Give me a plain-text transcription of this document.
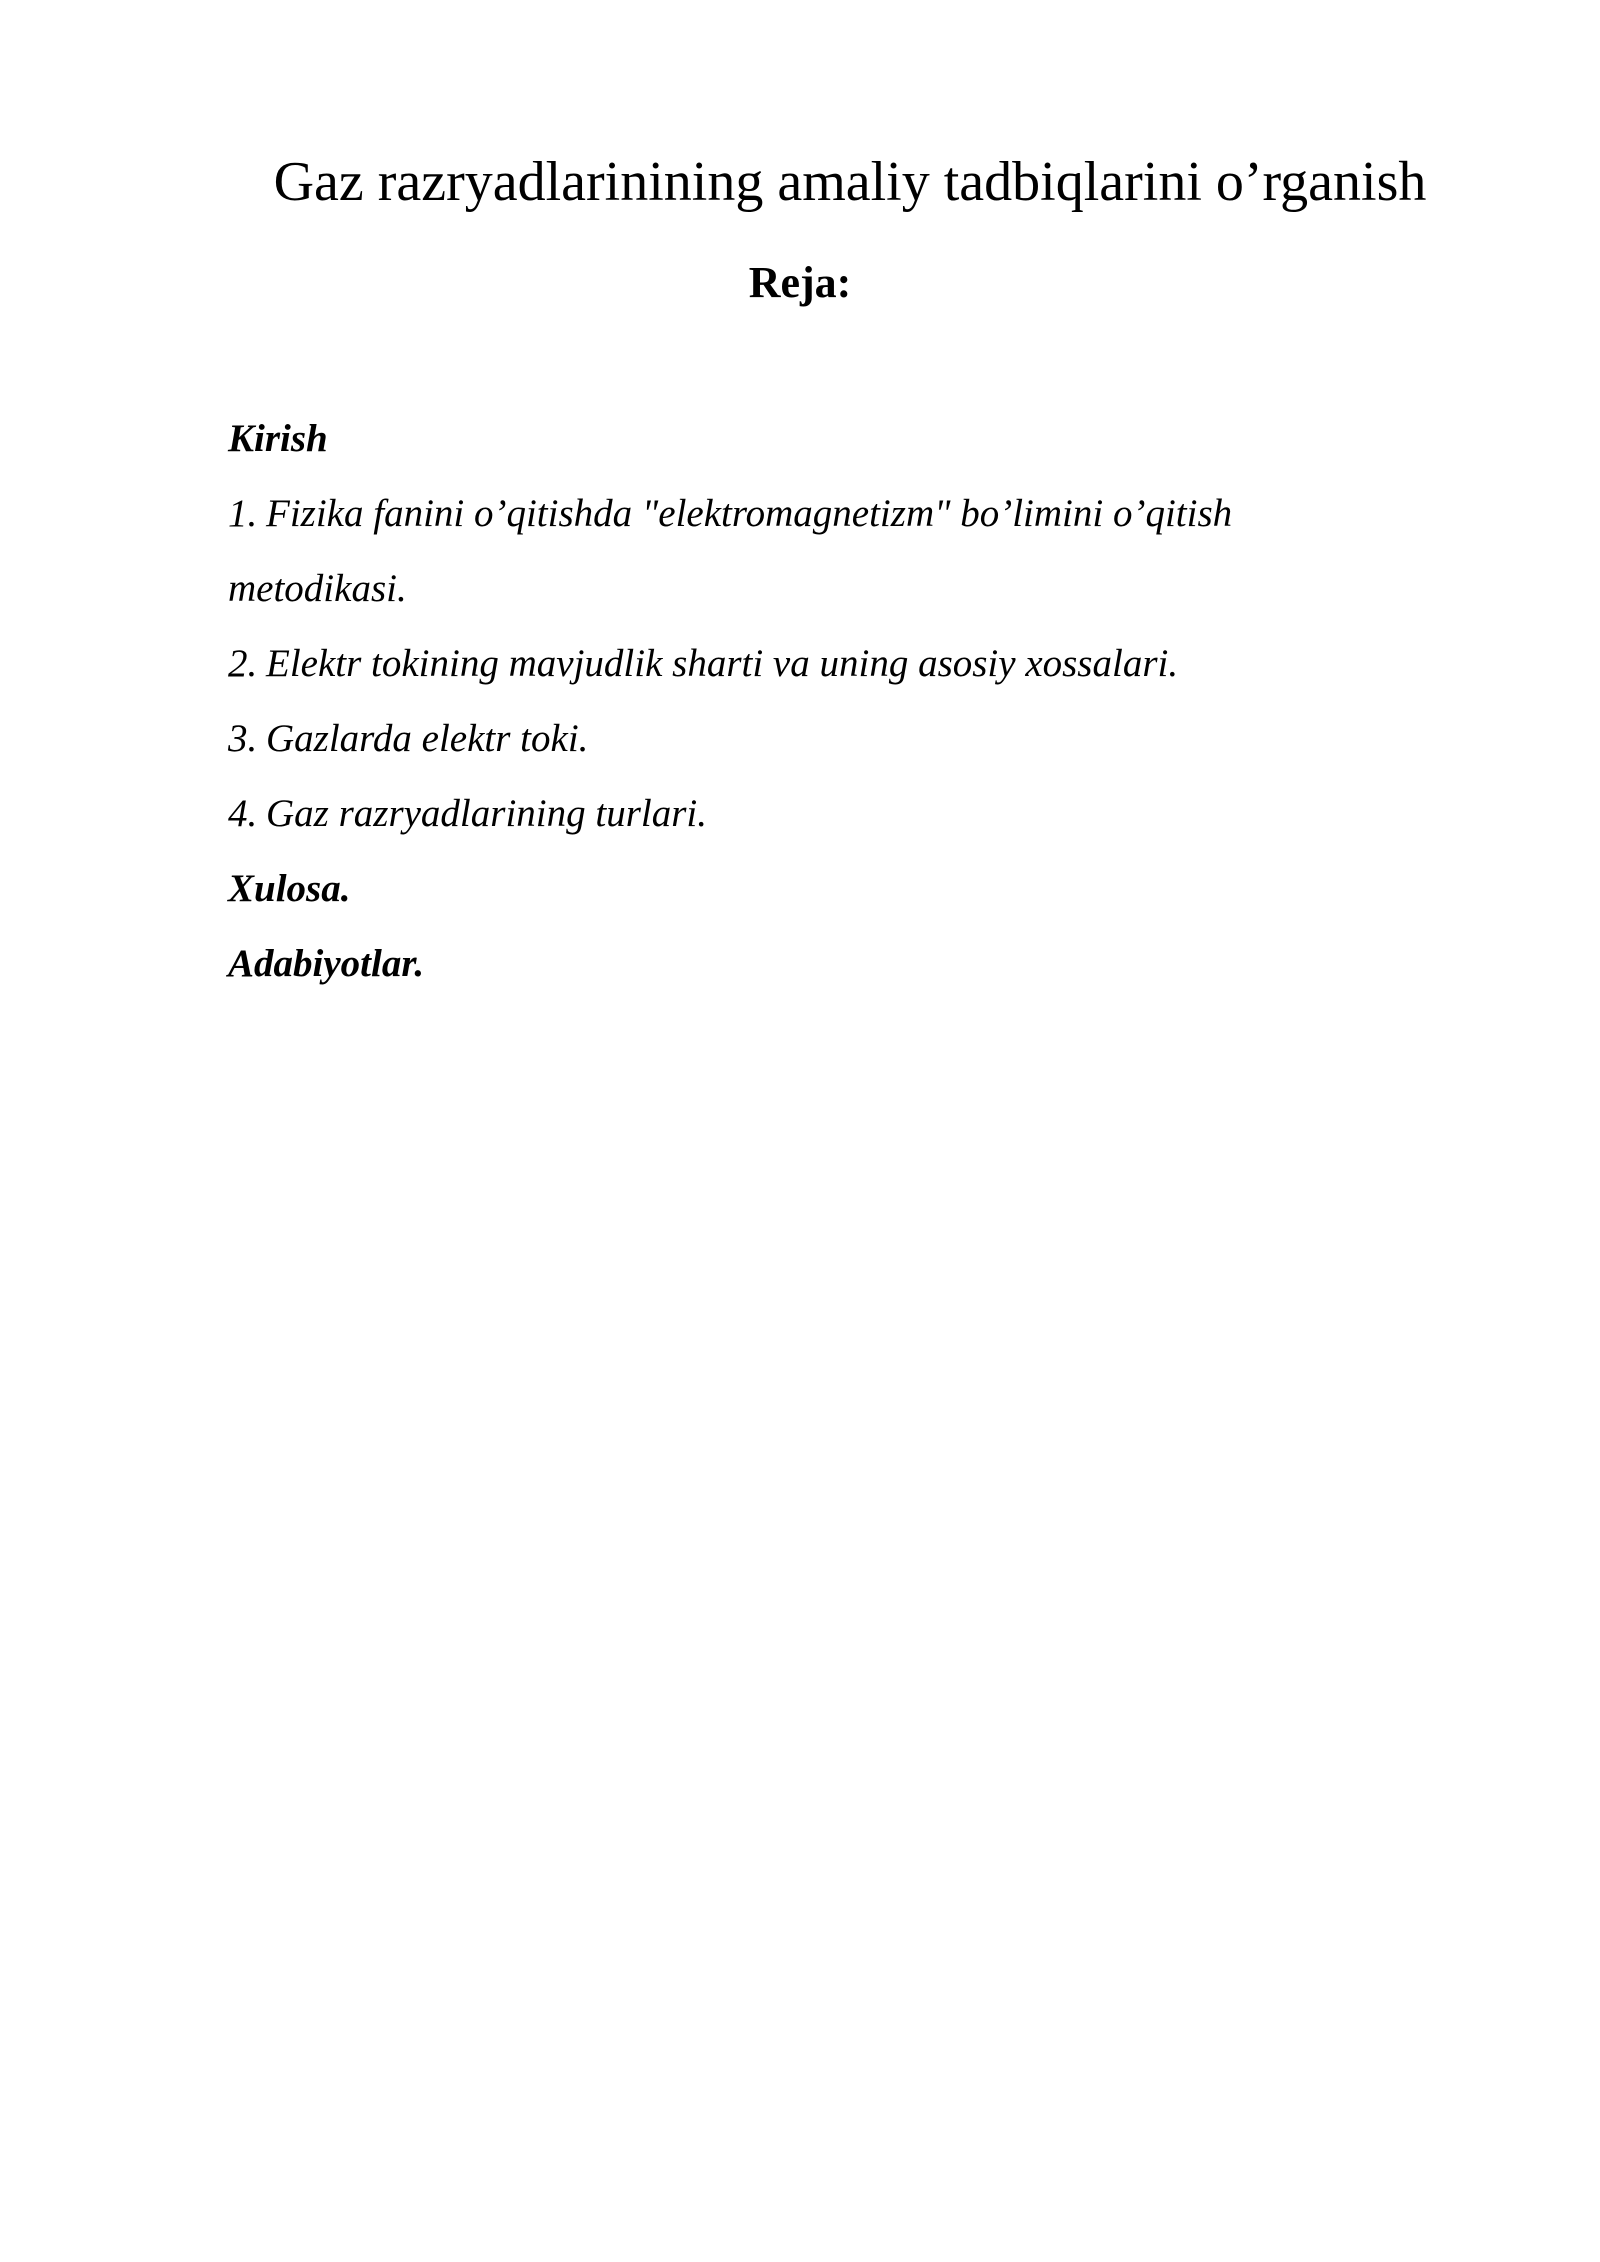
Gaz razryadlarinining amaliy tadbiqlarini o’rganish
Reja:
Kirish
1. Fizika fanini o’qitishda "elektromagnetizm" bo’limini o’qitish
metodikasi.
2. Elektr tokining mavjudlik sharti va uning asosiy xossalari.
3. Gazlarda elektr toki.
4. Gaz razryadlarining turlari.
Xulosa.
Adabiyotlar.
